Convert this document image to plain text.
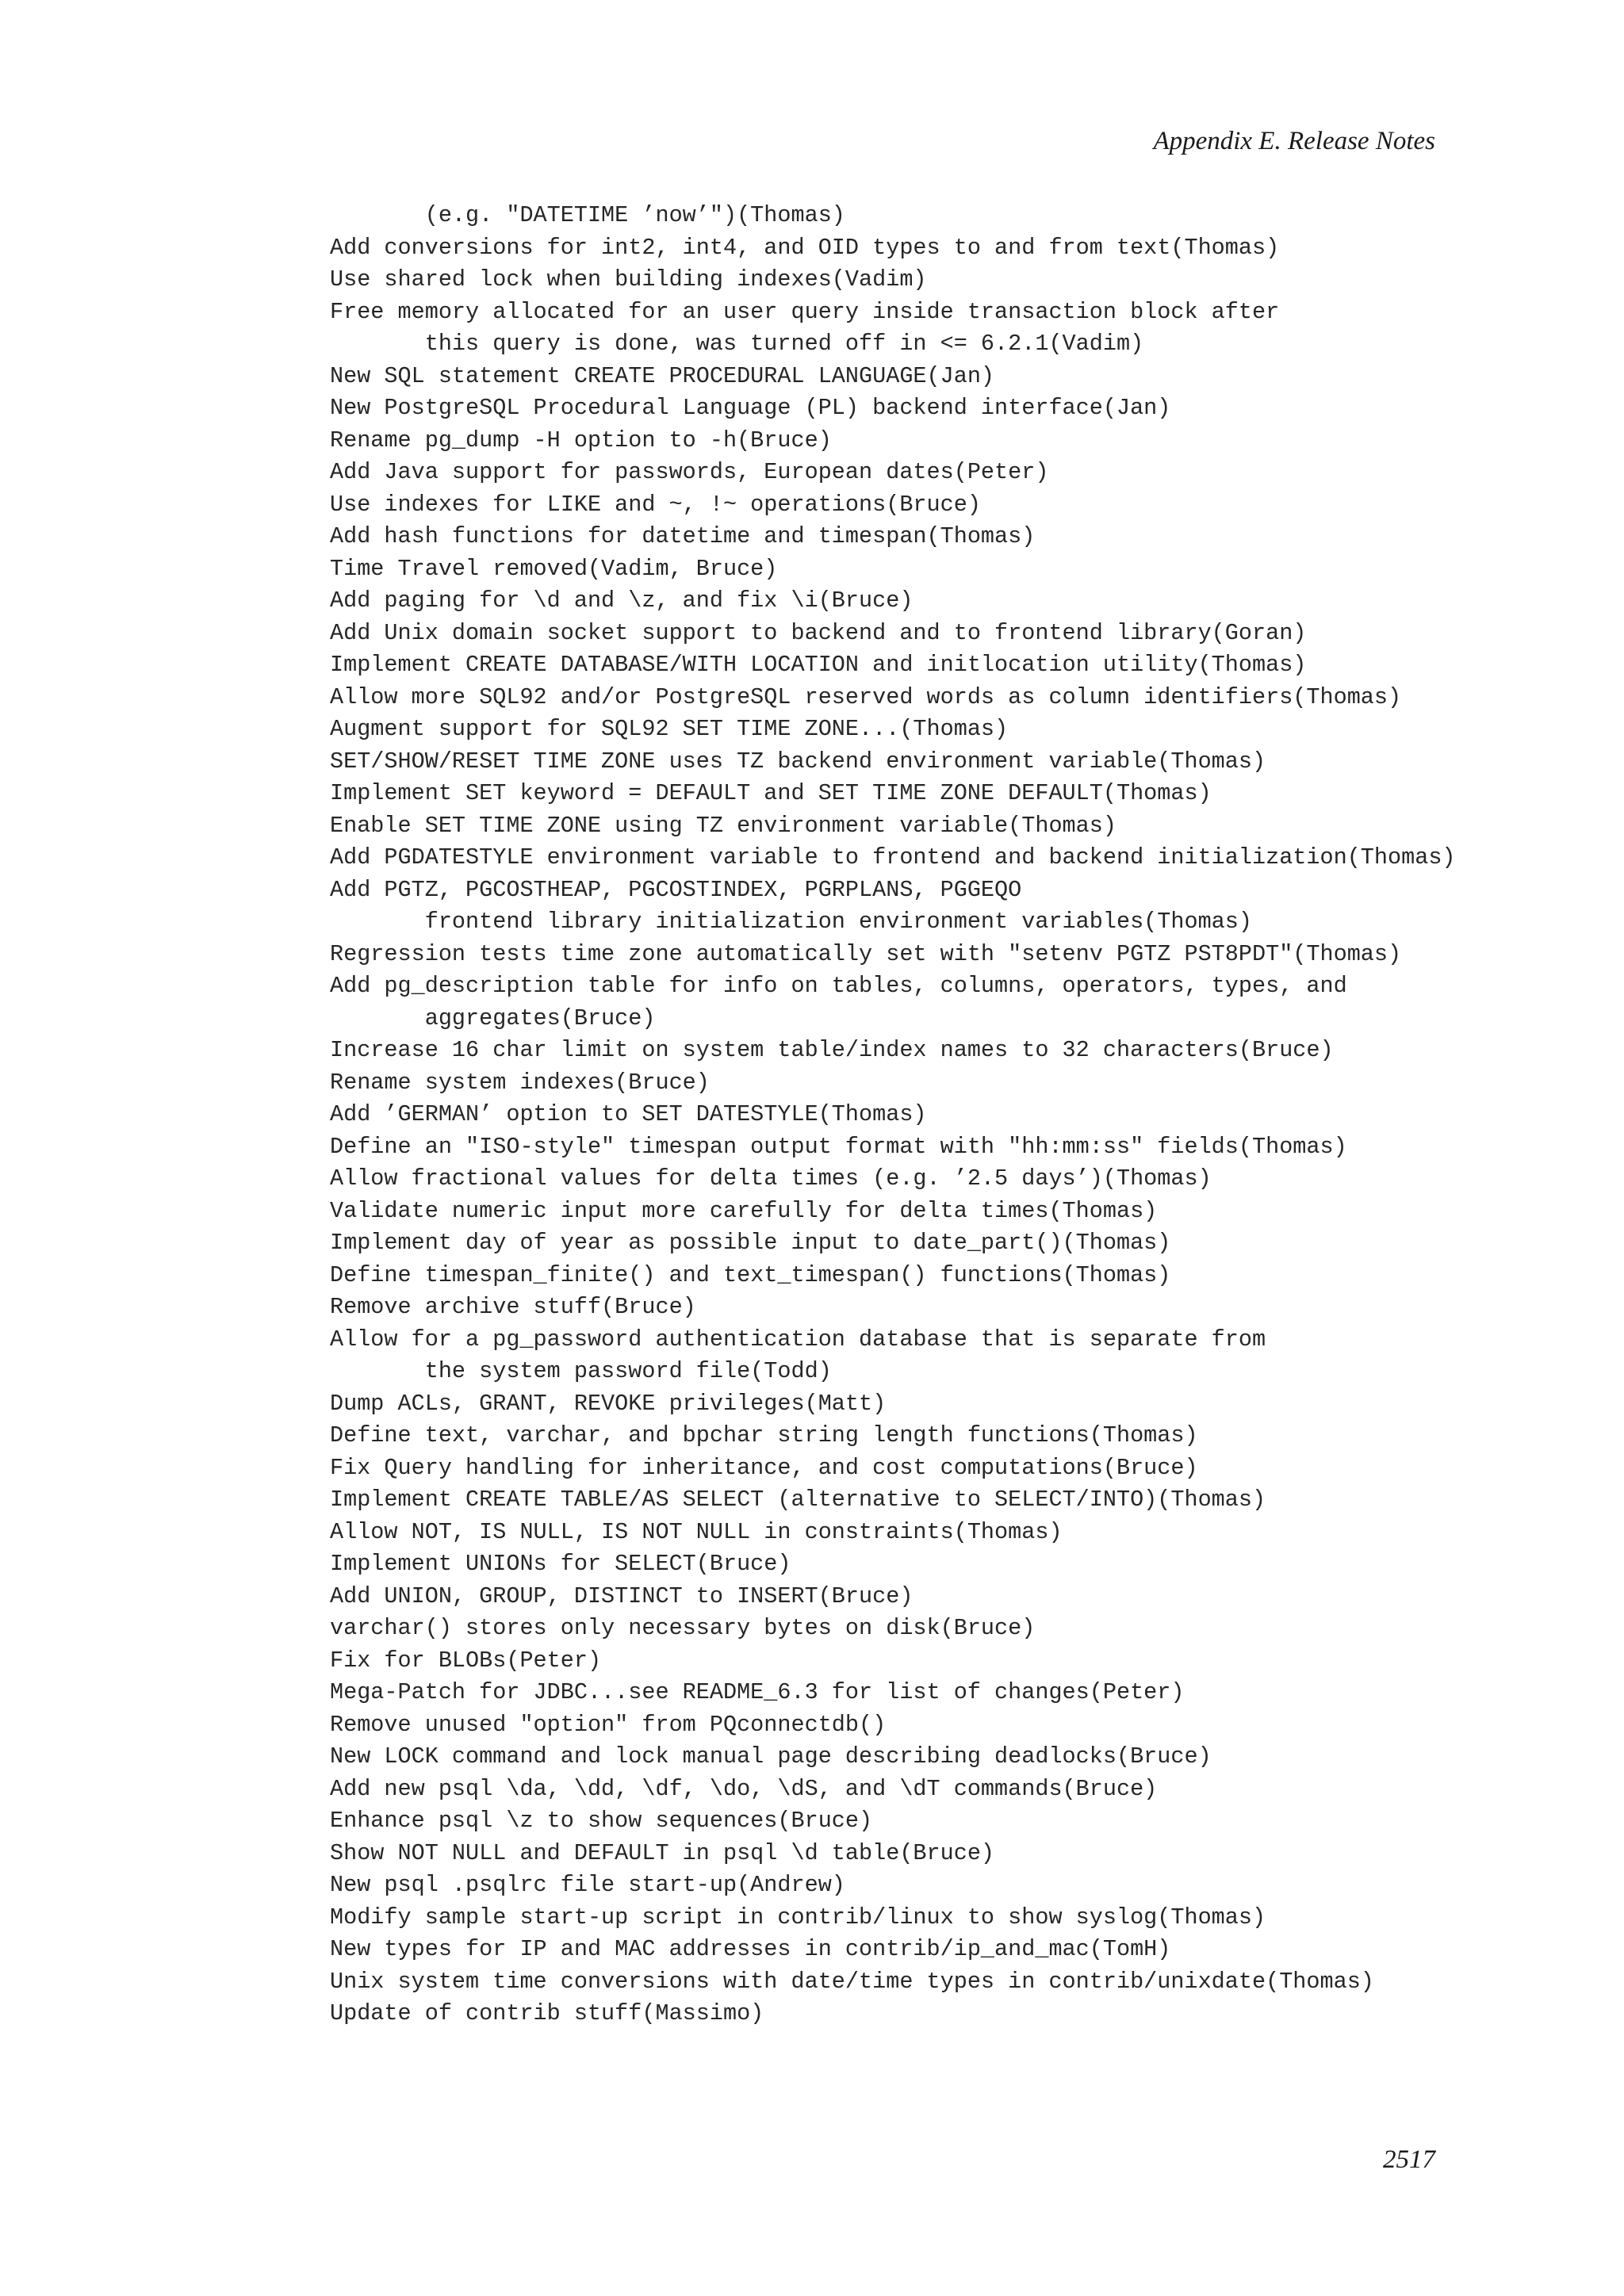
Appendix E. Release Notes
(e.g. "DATETIME ’now’")(Thomas)
Add conversions for int2, int4, and OID types to and from text(Thomas)
Use shared lock when building indexes(Vadim)
Free memory allocated for an user query inside transaction block after
this query is done, was turned off in <= 6.2.1(Vadim)
New SQL statement CREATE PROCEDURAL LANGUAGE(Jan)
New PostgreSQL Procedural Language (PL) backend interface(Jan)
Rename pg_dump -H option to -h(Bruce)
Add Java support for passwords, European dates(Peter)
Use indexes for LIKE and ~, !~ operations(Bruce)
Add hash functions for datetime and timespan(Thomas)
Time Travel removed(Vadim, Bruce)
Add paging for \d and \z, and fix \i(Bruce)
Add Unix domain socket support to backend and to frontend library(Goran)
Implement CREATE DATABASE/WITH LOCATION and initlocation utility(Thomas)
Allow more SQL92 and/or PostgreSQL reserved words as column identifiers(Thomas)
Augment support for SQL92 SET TIME ZONE...(Thomas)
SET/SHOW/RESET TIME ZONE uses TZ backend environment variable(Thomas)
Implement SET keyword = DEFAULT and SET TIME ZONE DEFAULT(Thomas)
Enable SET TIME ZONE using TZ environment variable(Thomas)
Add PGDATESTYLE environment variable to frontend and backend initialization(Thomas)
Add PGTZ, PGCOSTHEAP, PGCOSTINDEX, PGRPLANS, PGGEQO
frontend library initialization environment variables(Thomas)
Regression tests time zone automatically set with "setenv PGTZ PST8PDT"(Thomas)
Add pg_description table for info on tables, columns, operators, types, and
aggregates(Bruce)
Increase 16 char limit on system table/index names to 32 characters(Bruce)
Rename system indexes(Bruce)
Add ’GERMAN’ option to SET DATESTYLE(Thomas)
Define an "ISO-style" timespan output format with "hh:mm:ss" fields(Thomas)
Allow fractional values for delta times (e.g. ’2.5 days’)(Thomas)
Validate numeric input more carefully for delta times(Thomas)
Implement day of year as possible input to date_part()(Thomas)
Define timespan_finite() and text_timespan() functions(Thomas)
Remove archive stuff(Bruce)
Allow for a pg_password authentication database that is separate from
the system password file(Todd)
Dump ACLs, GRANT, REVOKE privileges(Matt)
Define text, varchar, and bpchar string length functions(Thomas)
Fix Query handling for inheritance, and cost computations(Bruce)
Implement CREATE TABLE/AS SELECT (alternative to SELECT/INTO)(Thomas)
Allow NOT, IS NULL, IS NOT NULL in constraints(Thomas)
Implement UNIONs for SELECT(Bruce)
Add UNION, GROUP, DISTINCT to INSERT(Bruce)
varchar() stores only necessary bytes on disk(Bruce)
Fix for BLOBs(Peter)
Mega-Patch for JDBC...see README_6.3 for list of changes(Peter)
Remove unused "option" from PQconnectdb()
New LOCK command and lock manual page describing deadlocks(Bruce)
Add new psql \da, \dd, \df, \do, \dS, and \dT commands(Bruce)
Enhance psql \z to show sequences(Bruce)
Show NOT NULL and DEFAULT in psql \d table(Bruce)
New psql .psqlrc file start-up(Andrew)
Modify sample start-up script in contrib/linux to show syslog(Thomas)
New types for IP and MAC addresses in contrib/ip_and_mac(TomH)
Unix system time conversions with date/time types in contrib/unixdate(Thomas)
Update of contrib stuff(Massimo)
2517
